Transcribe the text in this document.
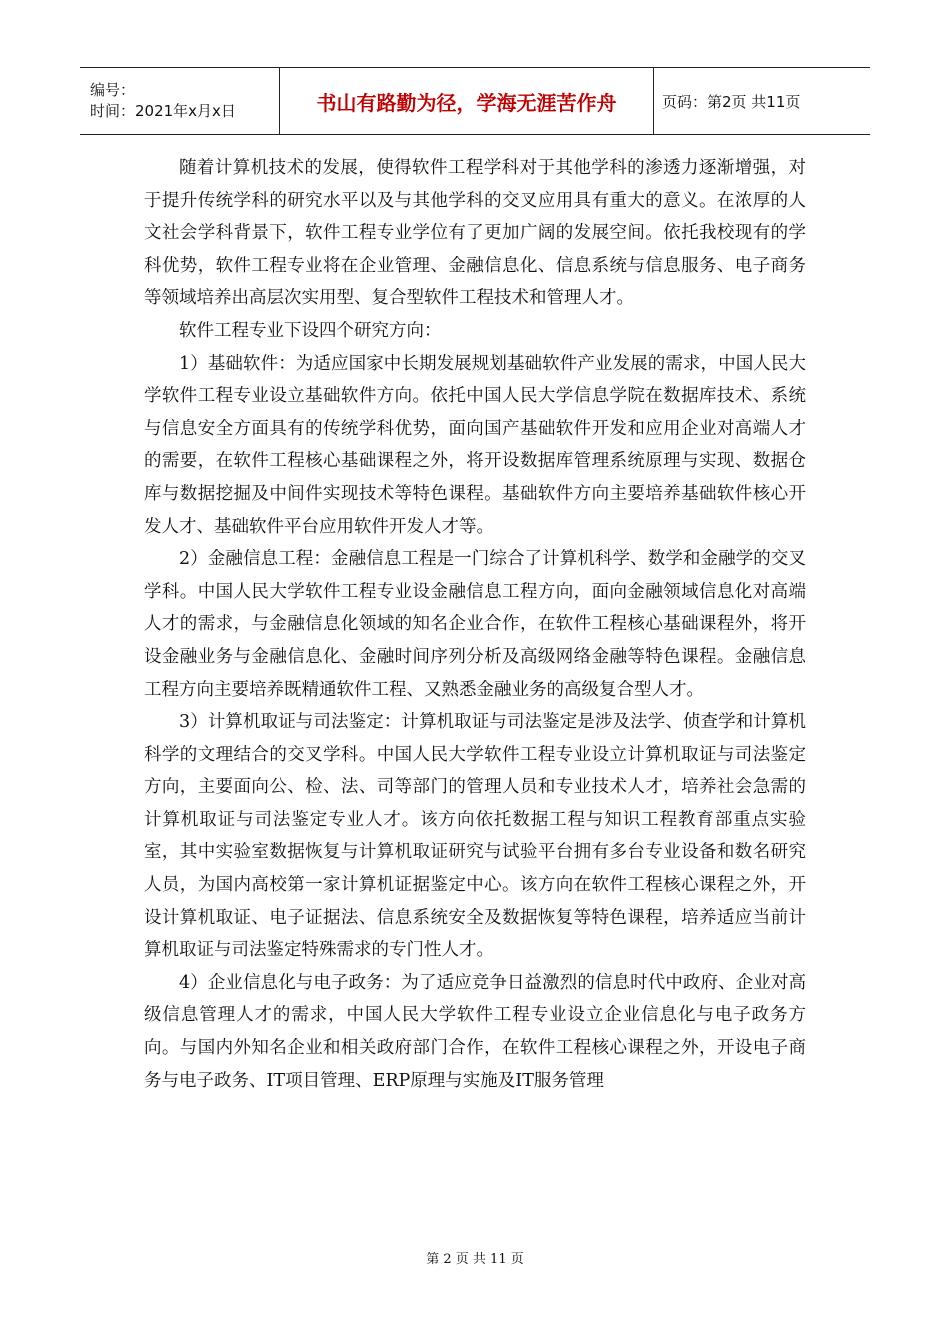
编号：
时间：2021年x月x日	书山有路勤为径，学海无涯苦作舟	页码：第2页 共11页

随着计算机技术的发展，使得软件工程学科对于其他学科的渗透力逐渐增强，对于提升传统学科的研究水平以及与其他学科的交叉应用具有重大的意义。在浓厚的人文社会学科背景下，软件工程专业学位有了更加广阔的发展空间。依托我校现有的学科优势，软件工程专业将在企业管理、金融信息化、信息系统与信息服务、电子商务等领域培养出高层次实用型、复合型软件工程技术和管理人才。

软件工程专业下设四个研究方向：

1）基础软件：为适应国家中长期发展规划基础软件产业发展的需求，中国人民大学软件工程专业设立基础软件方向。依托中国人民大学信息学院在数据库技术、系统与信息安全方面具有的传统学科优势，面向国产基础软件开发和应用企业对高端人才的需要，在软件工程核心基础课程之外，将开设数据库管理系统原理与实现、数据仓库与数据挖掘及中间件实现技术等特色课程。基础软件方向主要培养基础软件核心开发人才、基础软件平台应用软件开发人才等。

2）金融信息工程：金融信息工程是一门综合了计算机科学、数学和金融学的交叉学科。中国人民大学软件工程专业设金融信息工程方向，面向金融领域信息化对高端人才的需求，与金融信息化领域的知名企业合作，在软件工程核心基础课程外，将开设金融业务与金融信息化、金融时间序列分析及高级网络金融等特色课程。金融信息工程方向主要培养既精通软件工程、又熟悉金融业务的高级复合型人才。

3）计算机取证与司法鉴定：计算机取证与司法鉴定是涉及法学、侦查学和计算机科学的文理结合的交叉学科。中国人民大学软件工程专业设立计算机取证与司法鉴定方向，主要面向公、检、法、司等部门的管理人员和专业技术人才，培养社会急需的计算机取证与司法鉴定专业人才。该方向依托数据工程与知识工程教育部重点实验室，其中实验室数据恢复与计算机取证研究与试验平台拥有多台专业设备和数名研究人员，为国内高校第一家计算机证据鉴定中心。该方向在软件工程核心课程之外，开设计算机取证、电子证据法、信息系统安全及数据恢复等特色课程，培养适应当前计算机取证与司法鉴定特殊需求的专门性人才。

4）企业信息化与电子政务：为了适应竞争日益激烈的信息时代中政府、企业对高级信息管理人才的需求，中国人民大学软件工程专业设立企业信息化与电子政务方向。与国内外知名企业和相关政府部门合作，在软件工程核心课程之外，开设电子商务与电子政务、IT项目管理、ERP原理与实施及IT服务管理

第 2 页 共 11 页
